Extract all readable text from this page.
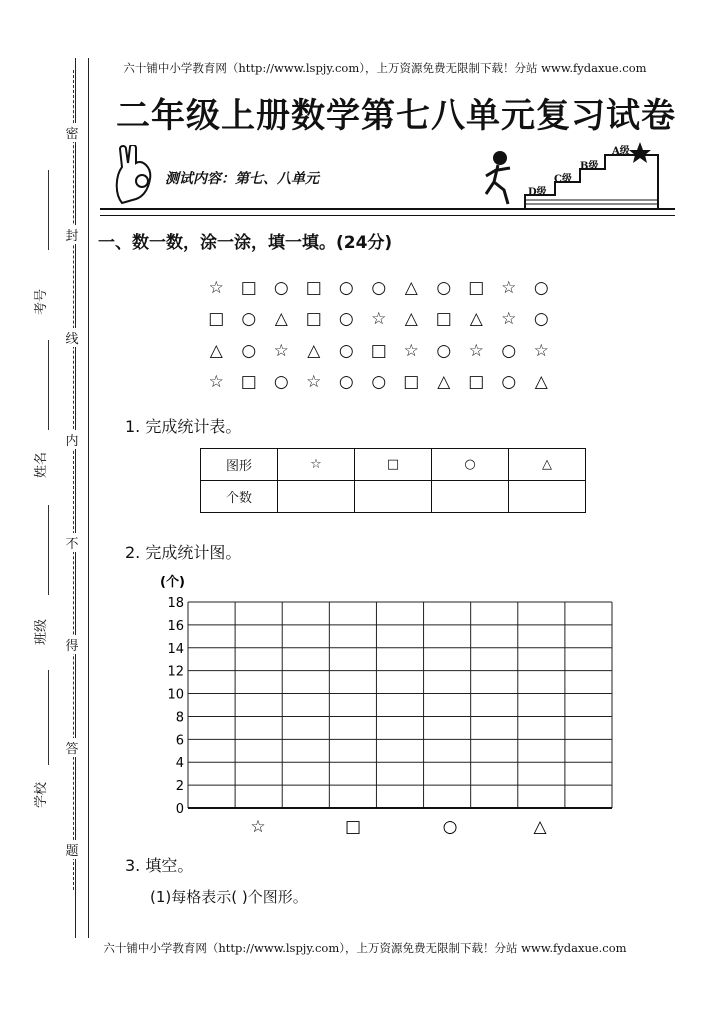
六十铺中小学教育网（http://www.lspjy.com），上万资源免费无限制下载！分站 www.fydaxue.com
六十铺中小学教育网（http://www.lspjy.com），上万资源免费无限制下载！分站 www.fydaxue.com
密
封
线
内
不
得
答
题
考号
姓名
班级
学校
二年级上册数学第七八单元复习试卷
测试内容：第七、八单元
D级
C级
B级
A级
一、数一数，涂一涂，填一填。(24分)
☆ □	○	□	○	○	△	○	□ ☆	○
□	○	△	□	○	☆	△	□	△	☆	○
△	○	☆	△	○	□ ☆	○	☆	○	☆
☆ □	○	☆	○	○	□	△	□	○	△
1. 完成统计表。
图形	☆	□	○	△
个数				
2. 完成统计图。
(个)
0
2
4
6
8
10
12
14
16
18
☆	□	○	△
3. 填空。
(1)每格表示( )个图形。
